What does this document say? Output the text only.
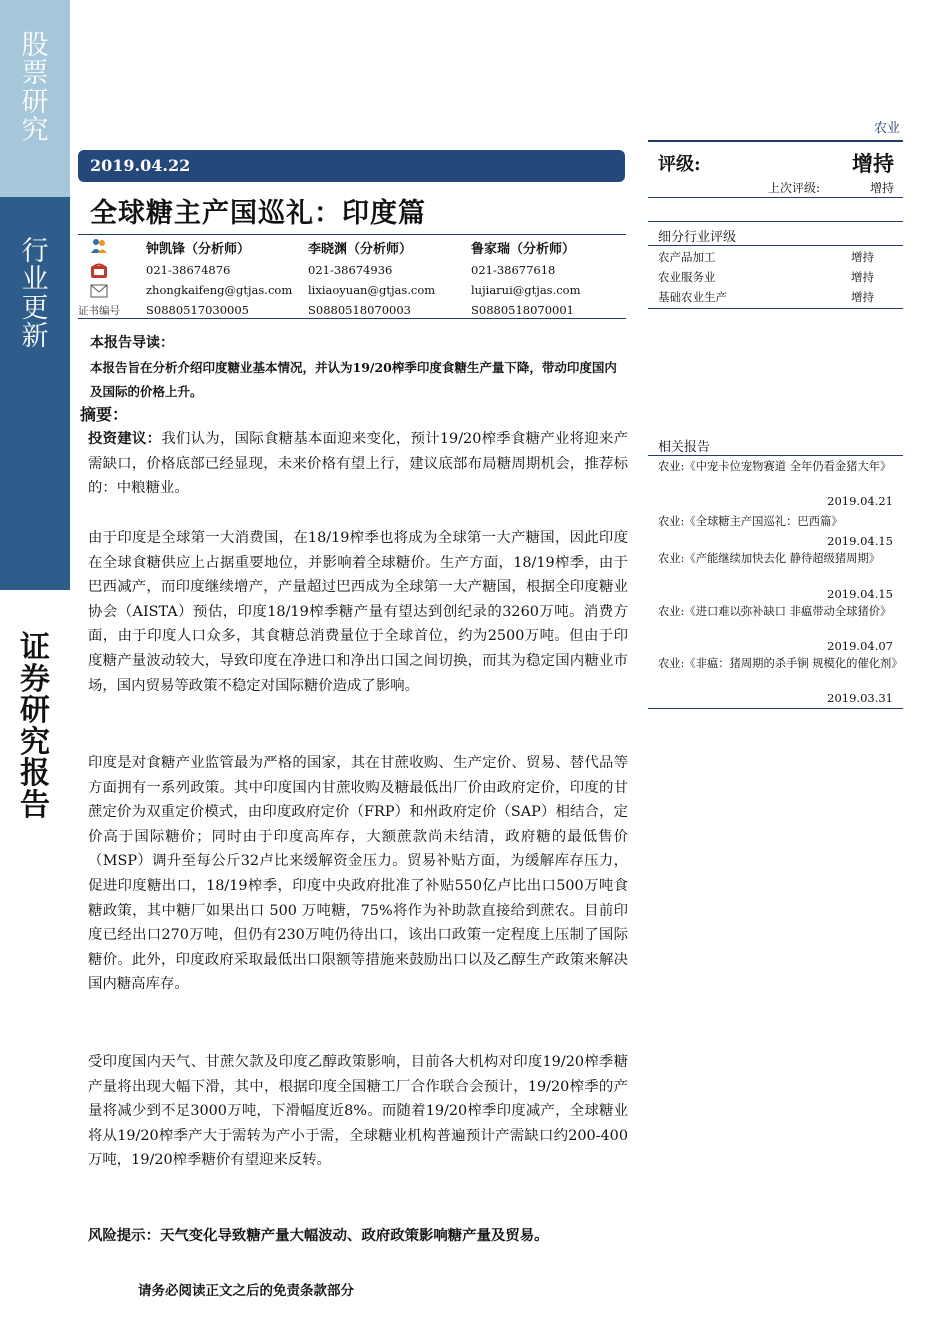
股
票
研
究
行
业
更
新
证
券
研
究
报
告
农业
2019.04.22
全球糖主产国巡礼：印度篇
钟凯锋（分析师）	李晓渊（分析师）	鲁家瑞（分析师）
021-38674876	021-38674936	021-38677618
zhongkaifeng@gtjas.com lixiaoyuan@gtjas.com	lujiarui@gtjas.com
证书编号 S0880517030005	S0880518070003	S0880518070001
本报告导读：
本报告旨在分析介绍印度糖业基本情况，并认为19/20榨季印度食糖生产量下降，带动印度国内及国际的价格上升。
摘要：
投资建议：我们认为，国际食糖基本面迎来变化，预计19/20榨季食糖产业将迎来产需缺口，价格底部已经显现，未来价格有望上行，建议底部布局糖周期机会，推荐标的：中粮糖业。
由于印度是全球第一大消费国，在18/19榨季也将成为全球第一大产糖国，因此印度在全球食糖供应上占据重要地位，并影响着全球糖价。生产方面，18/19榨季，由于巴西减产，而印度继续增产，产量超过巴西成为全球第一大产糖国，根据全印度糖业协会（AISTA）预估，印度18/19榨季糖产量有望达到创纪录的3260万吨。消费方面，由于印度人口众多，其食糖总消费量位于全球首位，约为2500万吨。但由于印度糖产量波动较大，导致印度在净进口和净出口国之间切换，而其为稳定国内糖业市场，国内贸易等政策不稳定对国际糖价造成了影响。
印度是对食糖产业监管最为严格的国家，其在甘蔗收购、生产定价、贸易、替代品等方面拥有一系列政策。其中印度国内甘蔗收购及糖最低出厂价由政府定价，印度的甘蔗定价为双重定价模式，由印度政府定价（FRP）和州政府定价（SAP）相结合，定价高于国际糖价；同时由于印度高库存，大额蔗款尚未结清，政府糖的最低售价（MSP）调升至每公斤32卢比来缓解资金压力。贸易补贴方面，为缓解库存压力，促进印度糖出口，18/19榨季，印度中央政府批准了补贴550亿卢比出口500万吨食糖政策，其中糖厂如果出口 500 万吨糖，75%将作为补助款直接给到蔗农。目前印度已经出口270万吨，但仍有230万吨仍待出口，该出口政策一定程度上压制了国际糖价。此外，印度政府采取最低出口限额等措施来鼓励出口以及乙醇生产政策来解决国内糖高库存。
受印度国内天气、甘蔗欠款及印度乙醇政策影响，目前各大机构对印度19/20榨季糖产量将出现大幅下滑，其中，根据印度全国糖工厂合作联合会预计，19/20榨季的产量将减少到不足3000万吨，下滑幅度近8%。而随着19/20榨季印度减产，全球糖业将从19/20榨季产大于需转为产小于需，全球糖业机构普遍预计产需缺口约200-400万吨，19/20榨季糖价有望迎来反转。
风险提示：天气变化导致糖产量大幅波动、政府政策影响糖产量及贸易。
评级:	增持
上次评级:	增持
细分行业评级
农产品加工	增持
农业服务业	增持
基础农业生产	增持
相关报告
农业:《中宠卡位宠物赛道 全年仍看金猪大年》
2019.04.21
农业:《全球糖主产国巡礼：巴西篇》
2019.04.15
农业:《产能继续加快去化 静待超级猪周期》
2019.04.15
农业:《进口难以弥补缺口 非瘟带动全球猪价》
2019.04.07
农业:《非瘟：猪周期的杀手锏 规模化的催化剂》
2019.03.31
请务必阅读正文之后的免责条款部分
